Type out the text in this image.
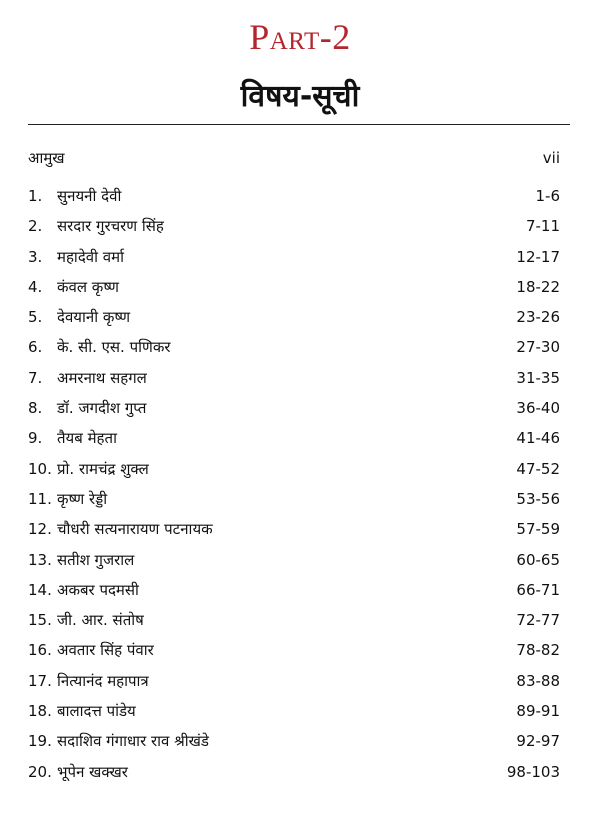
Part-2
विषय-सूची
आमुख	vii
1. सुनयनी देवी	1-6
2. सरदार गुरचरण सिंह	7-11
3. महादेवी वर्मा	12-17
4. कंवल कृष्ण	18-22
5. देवयानी कृष्ण	23-26
6. के. सी. एस. पणिकर	27-30
7. अमरनाथ सहगल	31-35
8. डॉ. जगदीश गुप्त	36-40
9. तैयब मेहता	41-46
10. प्रो. रामचंद्र शुक्ल	47-52
11. कृष्ण रेड्डी	53-56
12. चौधरी सत्यनारायण पटनायक	57-59
13. सतीश गुजराल	60-65
14. अकबर पदमसी	66-71
15. जी. आर. संतोष	72-77
16. अवतार सिंह पंवार	78-82
17. नित्यानंद महापात्र	83-88
18. बालादत्त पांडेय	89-91
19. सदाशिव गंगाधार राव श्रीखंडे	92-97
20. भूपेन खक्खर	98-103
